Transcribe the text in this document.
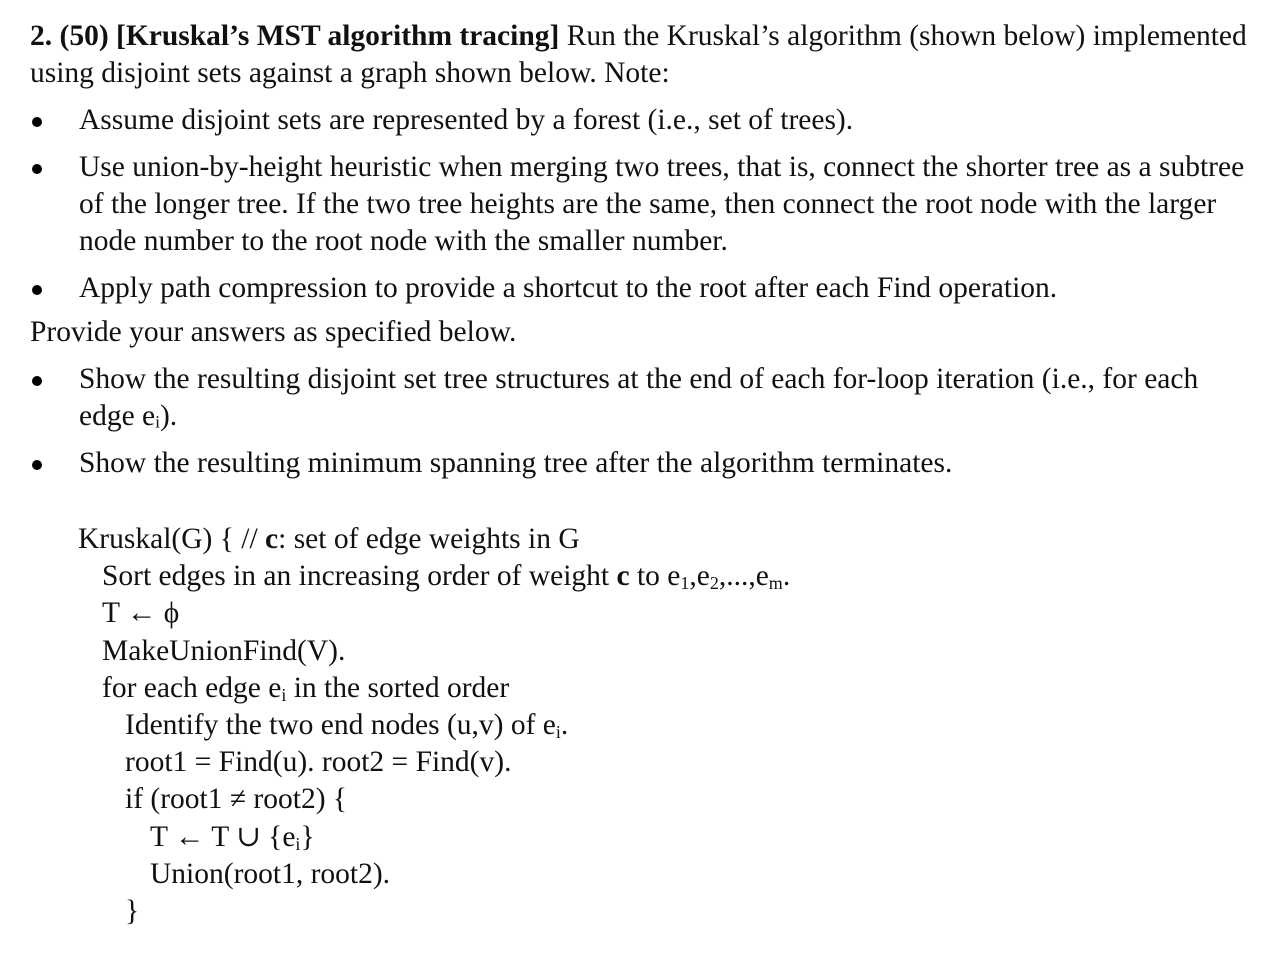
2. (50) [Kruskal’s MST algorithm tracing] Run the Kruskal’s algorithm (shown below) implemented using disjoint sets against a graph shown below. Note:

Assume disjoint sets are represented by a forest (i.e., set of trees).
Use union-by-height heuristic when merging two trees, that is, connect the shorter tree as a subtree of the longer tree. If the two tree heights are the same, then connect the root node with the larger node number to the root node with the smaller number.
Apply path compression to provide a shortcut to the root after each Find operation.

Provide your answers as specified below.

Show the resulting disjoint set tree structures at the end of each for-loop iteration (i.e., for each edge eᵢ).
Show the resulting minimum spanning tree after the algorithm terminates.
Kruskal(G) { // c: set of edge weights in G
Sort edges in an increasing order of weight c to $e_1,e_2,...,e_m$.
T ← ϕ
MakeUnionFind(V).
for each edge $e_i$ in the sorted order
Identify the two end nodes (u,v) of $e_i$.
root1 = Find(u). root2 = Find(v).
if (root1 ≠ root2) {
T ← T ∪ $\{e_i\}$
Union(root1, root2).
}
